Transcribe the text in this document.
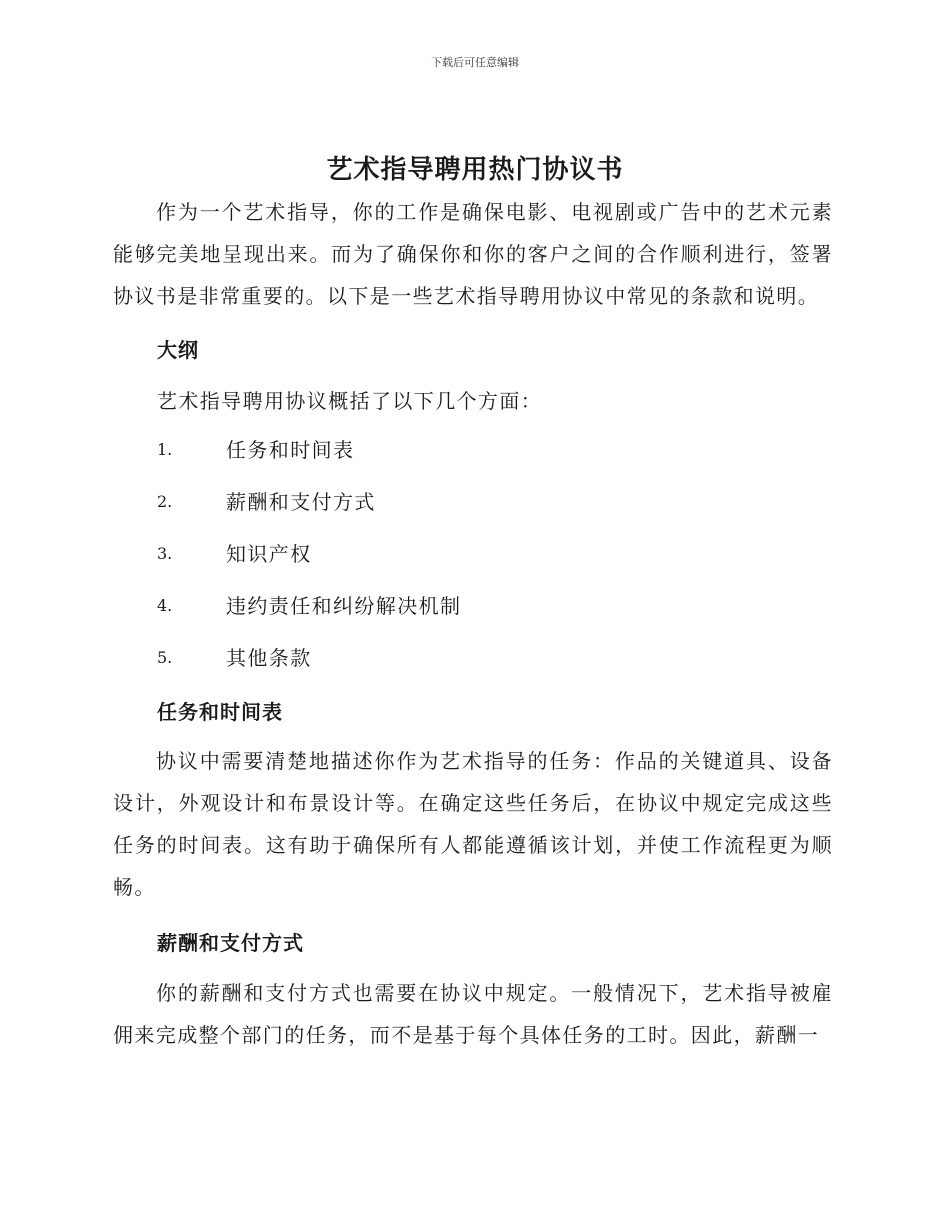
下载后可任意编辑
艺术指导聘用热门协议书

作为一个艺术指导，你的工作是确保电影、电视剧或广告中的艺术元素能够完美地呈现出来。而为了确保你和你的客户之间的合作顺利进行，签署协议书是非常重要的。以下是一些艺术指导聘用协议中常见的条款和说明。

大纲

艺术指导聘用协议概括了以下几个方面：

1.	任务和时间表
2.	薪酬和支付方式
3.	知识产权
4.	违约责任和纠纷解决机制
5.	其他条款
任务和时间表

协议中需要清楚地描述你作为艺术指导的任务：作品的关键道具、设备设计，外观设计和布景设计等。在确定这些任务后，在协议中规定完成这些任务的时间表。这有助于确保所有人都能遵循该计划，并使工作流程更为顺畅。

薪酬和支付方式

你的薪酬和支付方式也需要在协议中规定。一般情况下，艺术指导被雇佣来完成整个部门的任务，而不是基于每个具体任务的工时。因此，薪酬一
